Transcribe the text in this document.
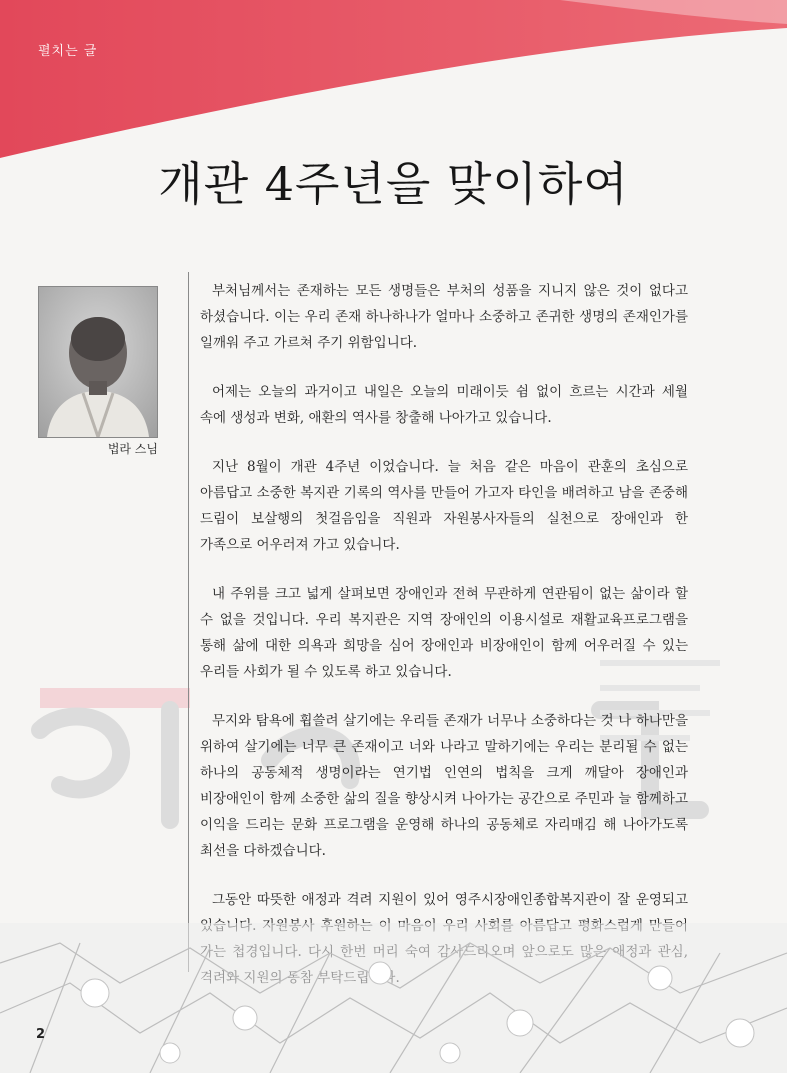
펼치는 글
개관 4주년을 맞이하여
법라 스님

부처님께서는 존재하는 모든 생명들은 부처의 성품을 지니지 않은 것이 없다고 하셨습니다. 이는 우리 존재 하나하나가 얼마나 소중하고 존귀한 생명의 존재인가를 일깨워 주고 가르쳐 주기 위함입니다.

어제는 오늘의 과거이고 내일은 오늘의 미래이듯 쉼 없이 흐르는 시간과 세월 속에 생성과 변화, 애환의 역사를 창출해 나아가고 있습니다.

지난 8월이 개관 4주년 이었습니다. 늘 처음 같은 마음이 관훈의 초심으로 아름답고 소중한 복지관 기록의 역사를 만들어 가고자 타인을 배려하고 남을 존중해 드림이 보살행의 첫걸음임을 직원과 자원봉사자들의 실천으로 장애인과 한 가족으로 어우러져 가고 있습니다.

내 주위를 크고 넓게 살펴보면 장애인과 전혀 무관하게 연관됨이 없는 삶이라 할 수 없을 것입니다. 우리 복지관은 지역 장애인의 이용시설로 재활교육프로그램을 통해 삶에 대한 의욕과 희망을 심어 장애인과 비장애인이 함께 어우러질 수 있는 우리들 사회가 될 수 있도록 하고 있습니다.

무지와 탐욕에 휩쓸려 살기에는 우리들 존재가 너무나 소중하다는 것 나 하나만을 위하여 살기에는 너무 큰 존재이고 너와 나라고 말하기에는 우리는 분리될 수 없는 하나의 공동체적 생명이라는 연기법 인연의 법칙을 크게 깨달아 장애인과 비장애인이 함께 소중한 삶의 질을 향상시켜 나아가는 공간으로 주민과 늘 함께하고 이익을 드리는 문화 프로그램을 운영해 하나의 공동체로 자리매김 해 나아가도록 최선을 다하겠습니다.

그동안 따뜻한 애정과 격려 지원이 있어 영주시장애인종합복지관이 잘 운영되고

2
